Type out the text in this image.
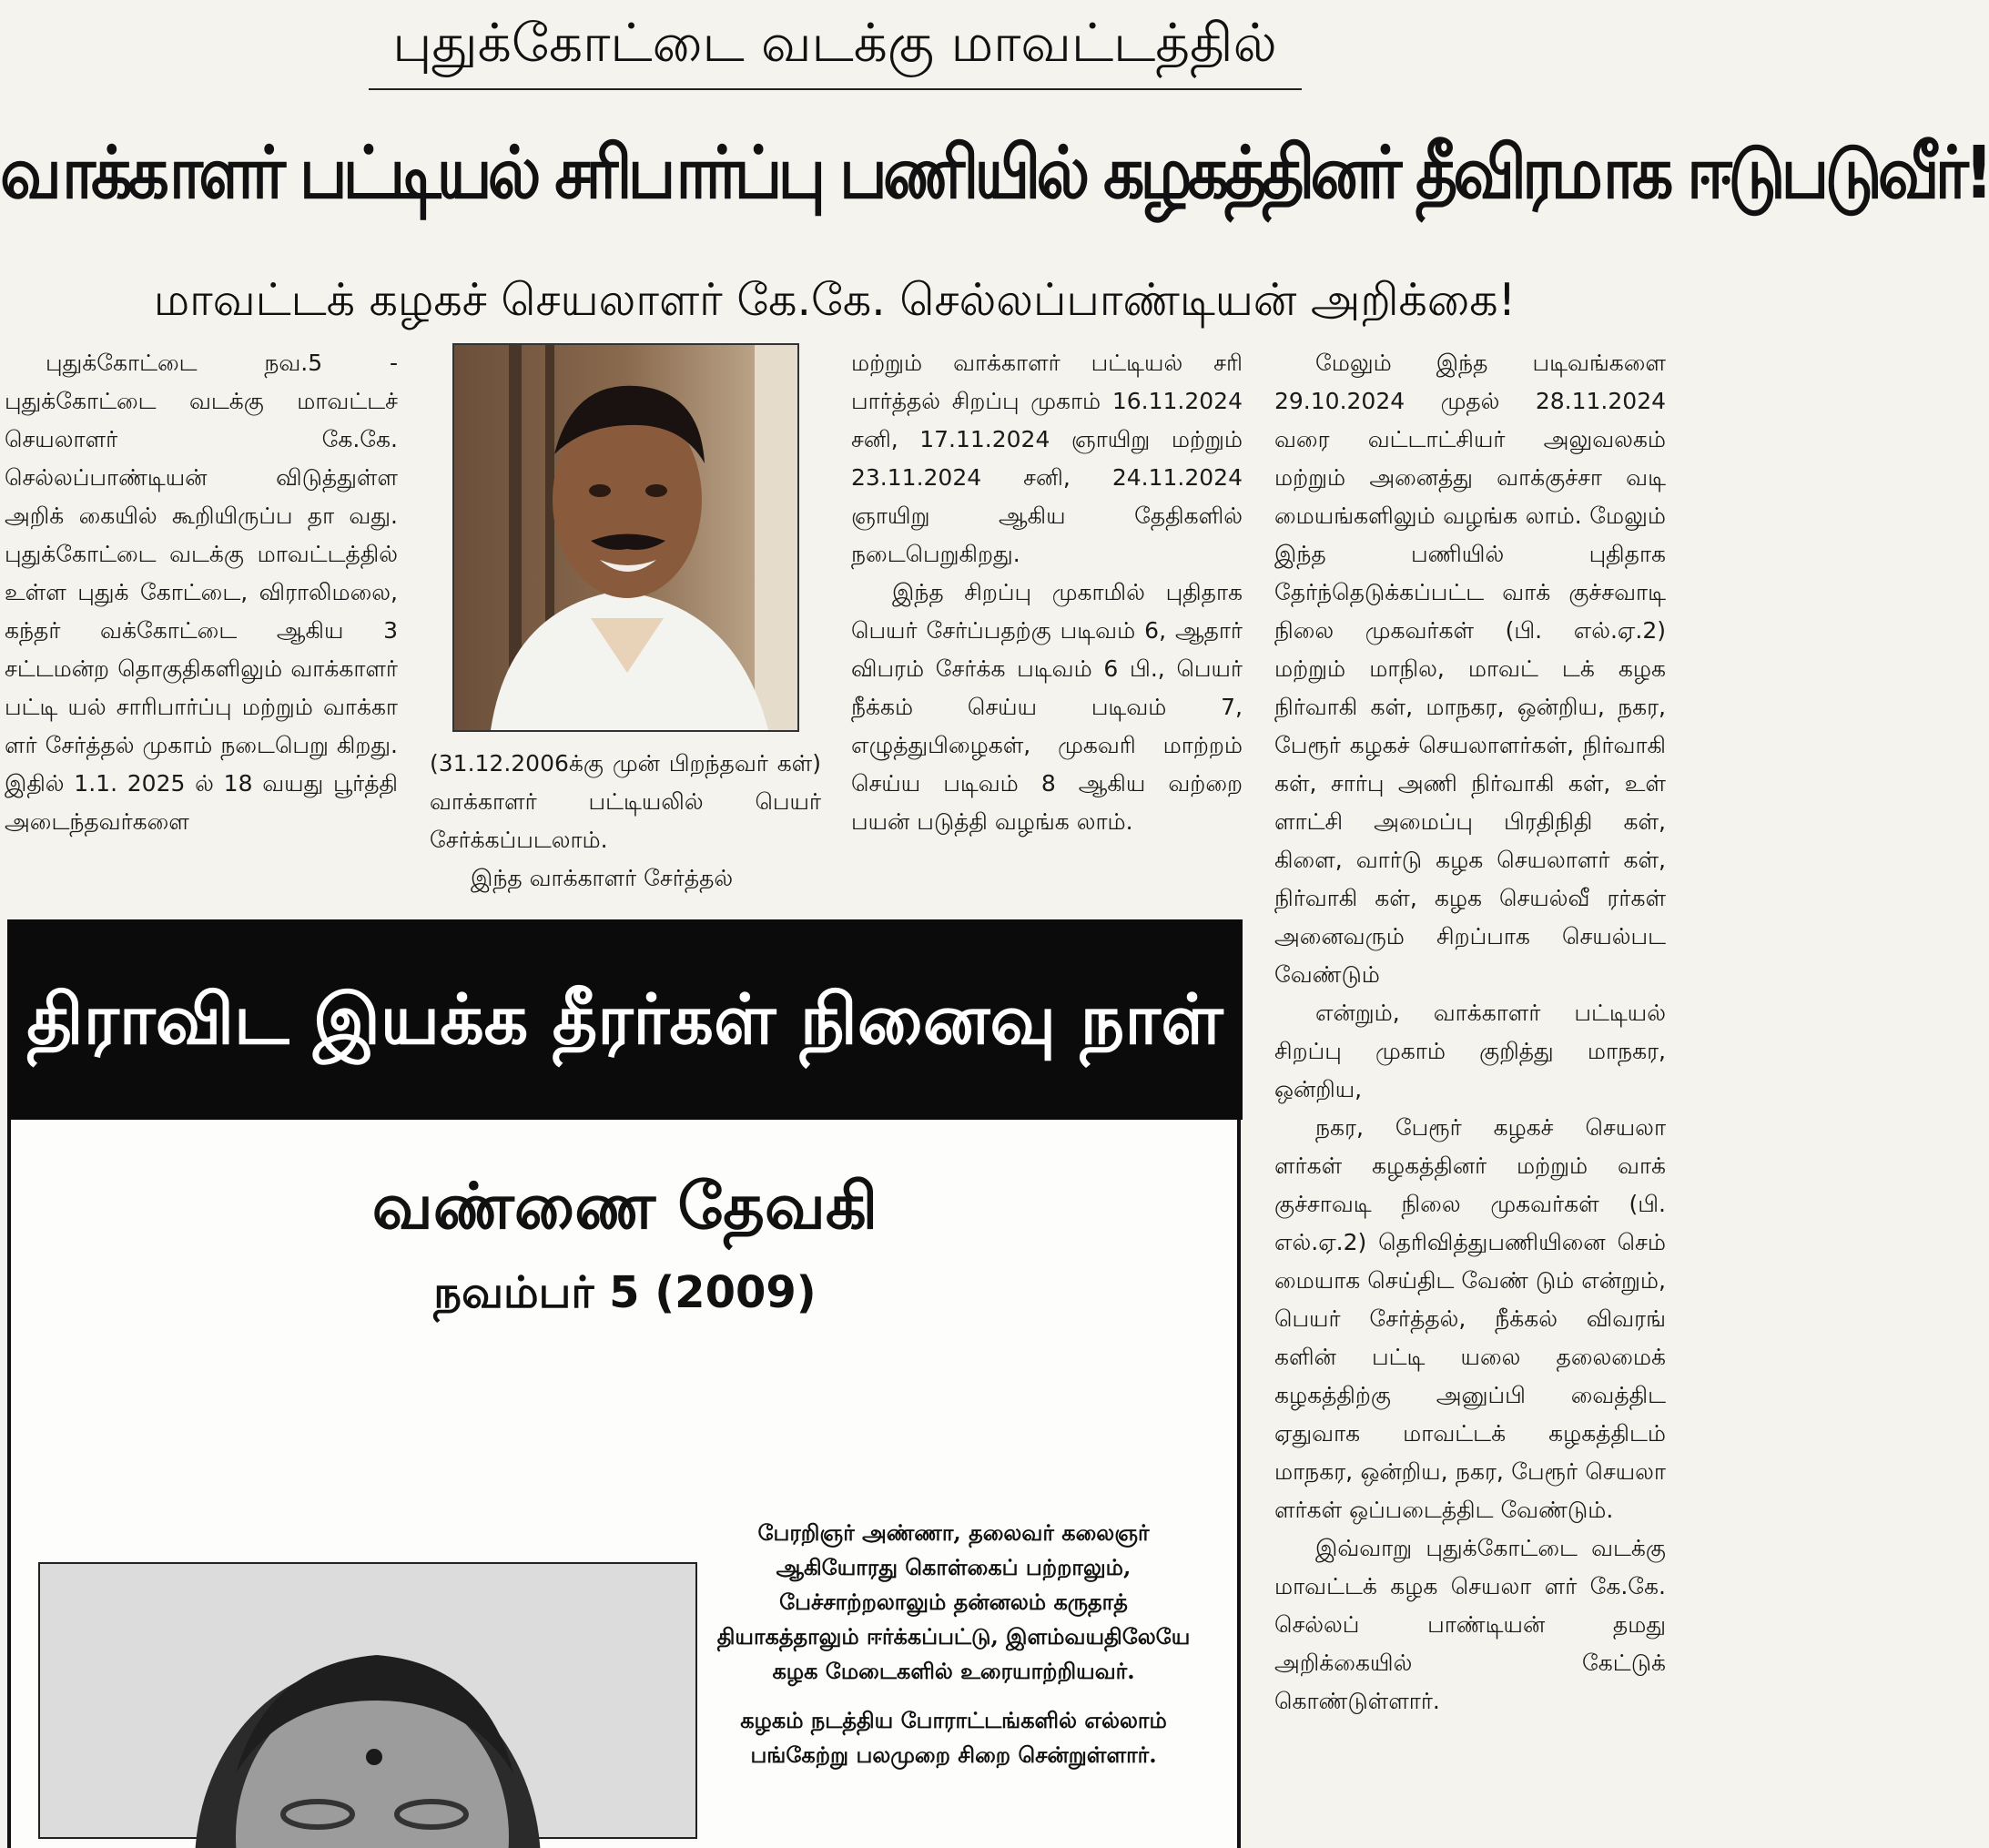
புதுக்கோட்டை வடக்கு மாவட்டத்தில்
வாக்காளர் பட்டியல் சரிபார்ப்பு பணியில் கழகத்தினர் தீவிரமாக ஈடுபடுவீர்!
மாவட்டக் கழகச் செயலாளர் கே.கே. செல்லப்பாண்டியன் அறிக்கை!

புதுக்கோட்டை நவ.5 - புதுக்கோட்டை வடக்கு மாவட்டச் செயலாளர் கே.கே. செல்லப்பாண்டியன் விடுத்துள்ள அறிக் கையில் கூறியிருப்ப தா வது. புதுக்கோட்டை வடக்கு மாவட்டத்தில் உள்ள புதுக் கோட்டை, விராலிமலை, கந்தர் வக்கோட்டை ஆகிய 3 சட்டமன்ற தொகுதிகளிலும் வாக்காளர் பட்டி யல் சாரிபார்ப்பு மற்றும் வாக்கா ளர் சேர்த்தல் முகாம் நடைபெறு கிறது. இதில் 1.1. 2025 ல் 18 வயது பூர்த்தி அடைந்தவர்களை

(31.12.2006க்கு முன் பிறந்தவர் கள்) வாக்காளர் பட்டியலில் பெயர் சேர்க்கப்படலாம்.

இந்த வாக்காளர் சேர்த்தல்

மற்றும் வாக்காளர் பட்டியல் சரி பார்த்தல் சிறப்பு முகாம் 16.11.2024 சனி, 17.11.2024 ஞாயிறு மற்றும் 23.11.2024 சனி, 24.11.2024 ஞாயிறு ஆகிய தேதிகளில் நடைபெறுகிறது.

இந்த சிறப்பு முகாமில் புதிதாக பெயர் சேர்ப்பதற்கு படிவம் 6, ஆதார் விபரம் சேர்க்க படிவம் 6 பி., பெயர் நீக்கம் செய்ய படிவம் 7, எழுத்துபிழைகள், முகவரி மாற்றம் செய்ய படிவம் 8 ஆகிய வற்றை பயன் படுத்தி வழங்க லாம்.

மேலும் இந்த படிவங்களை 29.10.2024 முதல் 28.11.2024 வரை வட்டாட்சியர் அலுவலகம் மற்றும் அனைத்து வாக்குச்சா வடி மையங்களிலும் வழங்க லாம். மேலும் இந்த பணியில் புதிதாக தேர்ந்தெடுக்கப்பட்ட வாக் குச்சவாடி நிலை முகவர்கள் (பி. எல்.ஏ.2) மற்றும் மாநில, மாவட் டக் கழக நிர்வாகி கள், மாநகர, ஒன்றிய, நகர, பேரூர் கழகச் செயலாளர்கள், நிர்வாகி கள், சார்பு அணி நிர்வாகி கள், உள் ளாட்சி அமைப்பு பிரதிநிதி கள், கிளை, வார்டு கழக செயலாளர் கள், நிர்வாகி கள், கழக செயல்வீ ரர்கள் அனைவரும் சிறப்பாக செயல்பட வேண்டும்

என்றும், வாக்காளர் பட்டியல் சிறப்பு முகாம் குறித்து மாநகர, ஒன்றிய,

நகர, பேரூர் கழகச் செயலா ளர்கள் கழகத்தினர் மற்றும் வாக் குச்சாவடி நிலை முகவர்கள் (பி. எல்.ஏ.2) தெரிவித்துபணியினை செம் மையாக செய்திட வேண் டும் என்றும், பெயர் சேர்த்தல், நீக்கல் விவரங் களின் பட்டி யலை தலைமைக் கழகத்திற்கு அனுப்பி வைத்திட ஏதுவாக மாவட்டக் கழகத்திடம் மாநகர, ஒன்றிய, நகர, பேரூர் செயலா ளர்கள் ஒப்படைத்திட வேண்டும்.

இவ்வாறு புதுக்கோட்டை வடக்கு மாவட்டக் கழக செயலா ளர் கே.கே. செல்லப் பாண்டியன் தமது அறிக்கையில் கேட்டுக் கொண்டுள்ளார்.

திராவிட இயக்க தீரர்கள் நினைவு நாள்
வண்ணை தேவகி
நவம்பர் 5 (2009)

பேரறிஞர் அண்ணா, தலைவர் கலைஞர் ஆகியோரது கொள்கைப் பற்றாலும், பேச்சாற்றலாலும் தன்னலம் கருதாத் தியாகத்தாலும் ஈர்க்கப்பட்டு, இளம்வயதிலேயே கழக மேடைகளில் உரையாற்றியவர்.

கழகம் நடத்திய போராட்டங்களில் எல்லாம் பங்கேற்று பலமுறை சிறை சென்றுள்ளார்.
